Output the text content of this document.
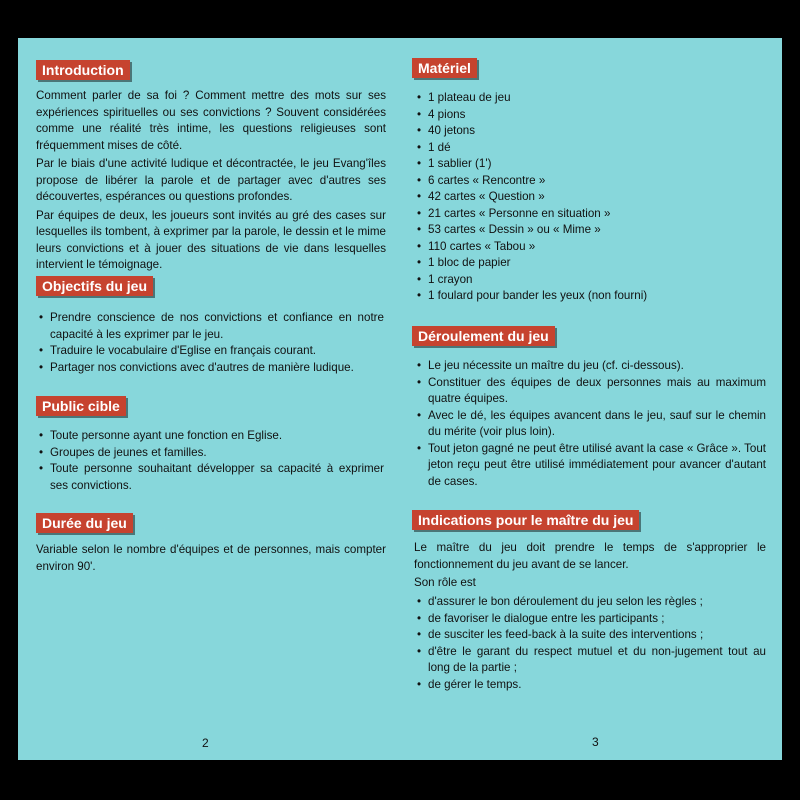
Introduction

Comment parler de sa foi ? Comment mettre des mots sur ses expériences spirituelles ou ses convictions ? Souvent considérées comme une réalité très intime, les questions religieuses sont fréquemment mises de côté.

Par le biais d'une activité ludique et décontractée, le jeu Evang'îles propose de libérer la parole et de partager avec d'autres ses découvertes, espérances ou questions profondes.

Par équipes de deux, les joueurs sont invités au gré des cases sur lesquelles ils tombent, à exprimer par la parole, le dessin et le mime leurs convictions et à jouer des situations de vie dans lesquelles intervient le témoignage.

Objectifs du jeu
• Prendre conscience de nos convictions et confiance en notre capacité à les exprimer par le jeu.
• Traduire le vocabulaire d'Eglise en français courant.
• Partager nos convictions avec d'autres de manière ludique.
Public cible
• Toute personne ayant une fonction en Eglise.
• Groupes de jeunes et familles.
• Toute personne souhaitant développer sa capacité à exprimer ses convictions.
Durée du jeu
Variable selon le nombre d'équipes et de personnes, mais compter environ 90'.
2
Matériel
• 1 plateau de jeu
• 4 pions
• 40 jetons
• 1 dé
• 1 sablier (1')
• 6 cartes « Rencontre »
• 42 cartes « Question »
• 21 cartes « Personne en situation »
• 53 cartes « Dessin » ou « Mime »
• 110 cartes « Tabou »
• 1 bloc de papier
• 1 crayon
• 1 foulard pour bander les yeux (non fourni)
Déroulement du jeu
• Le jeu nécessite un maître du jeu (cf. ci-dessous).
• Constituer des équipes de deux personnes mais au maximum quatre équipes.
• Avec le dé, les équipes avancent dans le jeu, sauf sur le chemin du mérite (voir plus loin).
• Tout jeton gagné ne peut être utilisé avant la case « Grâce ». Tout jeton reçu peut être utilisé immédiatement pour avancer d'autant de cases.
Indications pour le maître du jeu

Le maître du jeu doit prendre le temps de s'approprier le fonctionnement du jeu avant de se lancer.

Son rôle est

• d'assurer le bon déroulement du jeu selon les règles ;
• de favoriser le dialogue entre les participants ;
• de susciter les feed-back à la suite des interventions ;
• d'être le garant du respect mutuel et du non-jugement tout au long de la partie ;
• de gérer le temps.
3
